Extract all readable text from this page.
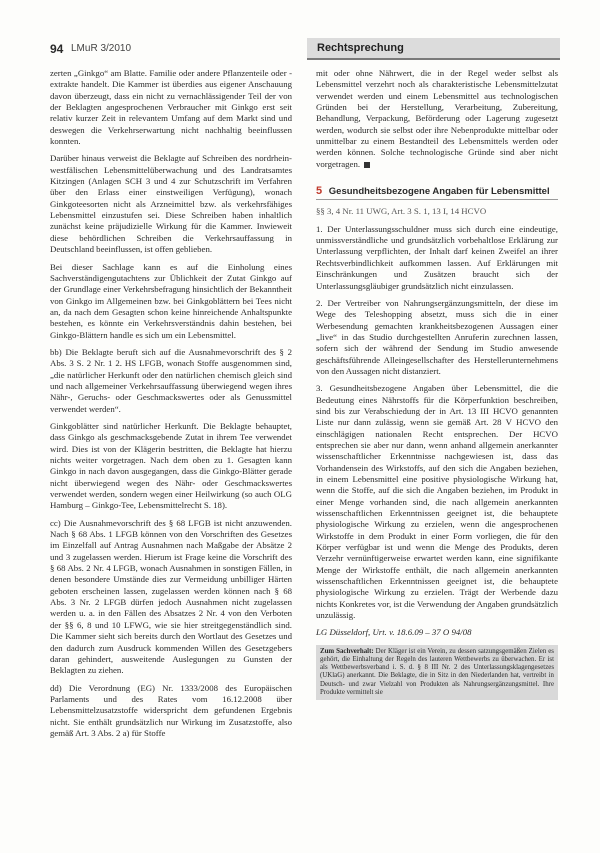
94 LMuR 3/2010	Rechtsprechung

zerten „Ginkgo“ am Blatte. Familie oder andere Pflanzenteile oder -extrakte handelt. Die Kammer ist überdies aus eigener Anschauung davon überzeugt, dass ein nicht zu vernachlässigender Teil der von der Beklagten angesprochenen Verbraucher mit Ginkgo erst seit relativ kurzer Zeit in relevantem Umfang auf dem Markt sind und deswegen die Verkehrserwartung nicht nachhaltig beeinflussen konnten.

Darüber hinaus verweist die Beklagte auf Schreiben des nordrhein-westfälischen Lebensmittelüberwachung und des Landratsamtes Kitzingen (Anlagen SCH 3 und 4 zur Schutzschrift im Verfahren über den Erlass einer einstweiligen Verfügung), wonach Ginkgoteesorten nicht als Arzneimittel bzw. als verkehrsfähiges Lebensmittel einzustufen sei. Diese Schreiben haben inhaltlich zunächst keine präjudizielle Wirkung für die Kammer. Inwieweit diese behördlichen Schreiben die Verkehrsauffassung in Deutschland beeinflussen, ist offen geblieben.

Bei dieser Sachlage kann es auf die Einholung eines Sachverständigengutachtens zur Üblichkeit der Zutat Ginkgo auf der Grundlage einer Verkehrsbefragung hinsichtlich der Bekanntheit von Ginkgo im Allgemeinen bzw. bei Ginkgoblättern bei Tees nicht an, da nach dem Gesagten schon keine hinreichende Anhaltspunkte bestehen, es könnte ein Verkehrsverständnis dahin bestehen, bei Ginkgo-Blättern handle es sich um ein Lebensmittel.

bb) Die Beklagte beruft sich auf die Ausnahmevorschrift des § 2 Abs. 3 S. 2 Nr. 1 2. HS LFGB, wonach Stoffe ausgenommen sind, „die natürlicher Herkunft oder den natürlichen chemisch gleich sind und nach allgemeiner Verkehrsauffassung überwiegend wegen ihres Nähr-, Geruchs- oder Geschmackswertes oder als Genussmittel verwendet werden“.

Ginkgoblätter sind natürlicher Herkunft. Die Beklagte behauptet, dass Ginkgo als geschmacksgebende Zutat in ihrem Tee verwendet wird. Dies ist von der Klägerin bestritten, die Beklagte hat hierzu nichts weiter vorgetragen. Nach dem oben zu 1. Gesagten kann Ginkgo in nach davon ausgegangen, dass die Ginkgo-Blätter gerade nicht überwiegend wegen des Nähr- oder Geschmackswertes verwendet werden, sondern wegen einer Heilwirkung (so auch OLG Hamburg – Ginkgo-Tee, Lebensmittelrecht S. 18).

cc) Die Ausnahmevorschrift des § 68 LFGB ist nicht anzuwenden. Nach § 68 Abs. 1 LFGB können von den Vorschriften des Gesetzes im Einzelfall auf Antrag Ausnahmen nach Maßgabe der Absätze 2 und 3 zugelassen werden. Hierum ist Frage keine die Vorschrift des § 68 Abs. 2 Nr. 4 LFGB, wonach Ausnahmen in sonstigen Fällen, in denen besondere Umstände dies zur Vermeidung unbilliger Härten geboten erscheinen lassen, zugelassen werden können nach § 68 Abs. 3 Nr. 2 LFGB dürfen jedoch Ausnahmen nicht zugelassen werden u. a. in den Fällen des Absatzes 2 Nr. 4 von den Verboten der §§ 6, 8 und 10 LFWG, wie sie hier streitgegenständlich sind. Die Kammer sieht sich bereits durch den Wortlaut des Gesetzes und den dadurch zum Ausdruck kommenden Willen des Gesetzgebers daran gehindert, ausweitende Auslegungen zu Gunsten der Beklagten zu ziehen.

dd) Die Verordnung (EG) Nr. 1333/2008 des Europäischen Parlaments und des Rates vom 16.12.2008 über Lebensmittelzusatzstoffe widerspricht dem gefundenen Ergebnis nicht. Sie enthält grundsätzlich nur Wirkung im Zusatzstoffe, also gemäß Art. 3 Abs. 2 a) für Stoffe

mit oder ohne Nährwert, die in der Regel weder selbst als Lebensmittel verzehrt noch als charakteristische Lebensmittelzutat verwendet werden und einem Lebensmittel aus technologischen Gründen bei der Herstellung, Verarbeitung, Zubereitung, Behandlung, Verpackung, Beförderung oder Lagerung zugesetzt werden, wodurch sie selbst oder ihre Nebenprodukte mittelbar oder unmittelbar zu einem Bestandteil des Lebensmittels werden oder werden können. Solche technologische Gründe sind aber nicht vorgetragen.

5 Gesundheitsbezogene Angaben für Lebensmittel

§§ 3, 4 Nr. 11 UWG, Art. 3 S. 1, 13 I, 14 HCVO

1. Der Unterlassungsschuldner muss sich durch eine eindeutige, unmissverständliche und grundsätzlich vorbehaltlose Erklärung zur Unterlassung verpflichten, der Inhalt darf keinen Zweifel an ihrer Rechtsverbindlichkeit aufkommen lassen. Auf Erklärungen mit Einschränkungen und Zusätzen braucht sich der Unterlassungsgläubiger grundsätzlich nicht einzulassen.

2. Der Vertreiber von Nahrungsergänzungsmitteln, der diese im Wege des Teleshopping absetzt, muss sich die in einer Werbesendung gemachten krankheitsbezogenen Aussagen einer „live“ in das Studio durchgestellten Anruferin zurechnen lassen, sofern sich der während der Sendung im Studio anwesende geschäftsführende Alleingesellschafter des Herstellerunternehmens von den Aussagen nicht distanziert.

3. Gesundheitsbezogene Angaben über Lebensmittel, die die Bedeutung eines Nährstoffs für die Körperfunktion beschreiben, sind bis zur Verabschiedung der in Art. 13 III HCVO genannten Liste nur dann zulässig, wenn sie gemäß Art. 28 V HCVO den einschlägigen nationalen Recht entsprechen. Der HCVO entsprechen sie aber nur dann, wenn anhand allgemein anerkannter wissenschaftlicher Erkenntnisse nachgewiesen ist, dass das Vorhandensein des Wirkstoffs, auf den sich die Angaben beziehen, in einem Lebensmittel eine positive physiologische Wirkung hat, wenn die Stoffe, auf die sich die Angaben beziehen, im Produkt in einer Menge vorhanden sind, die nach allgemein anerkannten wissenschaftlichen Erkenntnissen geeignet ist, die behauptete physiologische Wirkung zu erzielen, wenn die angesprochenen Wirkstoffe in dem Produkt in einer Form vorliegen, die für den Körper verfügbar ist und wenn die Menge des Produkts, deren Verzehr vernünftigerweise erwartet werden kann, eine signifikante Menge der Wirkstoffe enthält, die nach allgemein anerkannten wissenschaftlichen Erkenntnissen geeignet ist, die behauptete physiologische Wirkung zu erzielen. Trägt der Werbende dazu nichts Konkretes vor, ist die Verwendung der Angaben grundsätzlich unzulässig.

LG Düsseldorf, Urt. v. 18.6.09 – 37 O 94/08

Zum Sachverhalt: Der Kläger ist ein Verein, zu dessen satzungsgemäßen Zielen es gehört, die Einhaltung der Regeln des lauteren Wettbewerbs zu überwachen. Er ist als Wettbewerbsverband i. S. d. § 8 III Nr. 2 des Unterlassungsklagengesetzes (UKlaG) anerkannt. Die Beklagte, die in Sitz in den Niederlanden hat, vertreibt in Deutsch- und zwar Vielzahl von Produkten als Nahrungsergänzungsmittel. Ihre Produkte vermittelt sie
